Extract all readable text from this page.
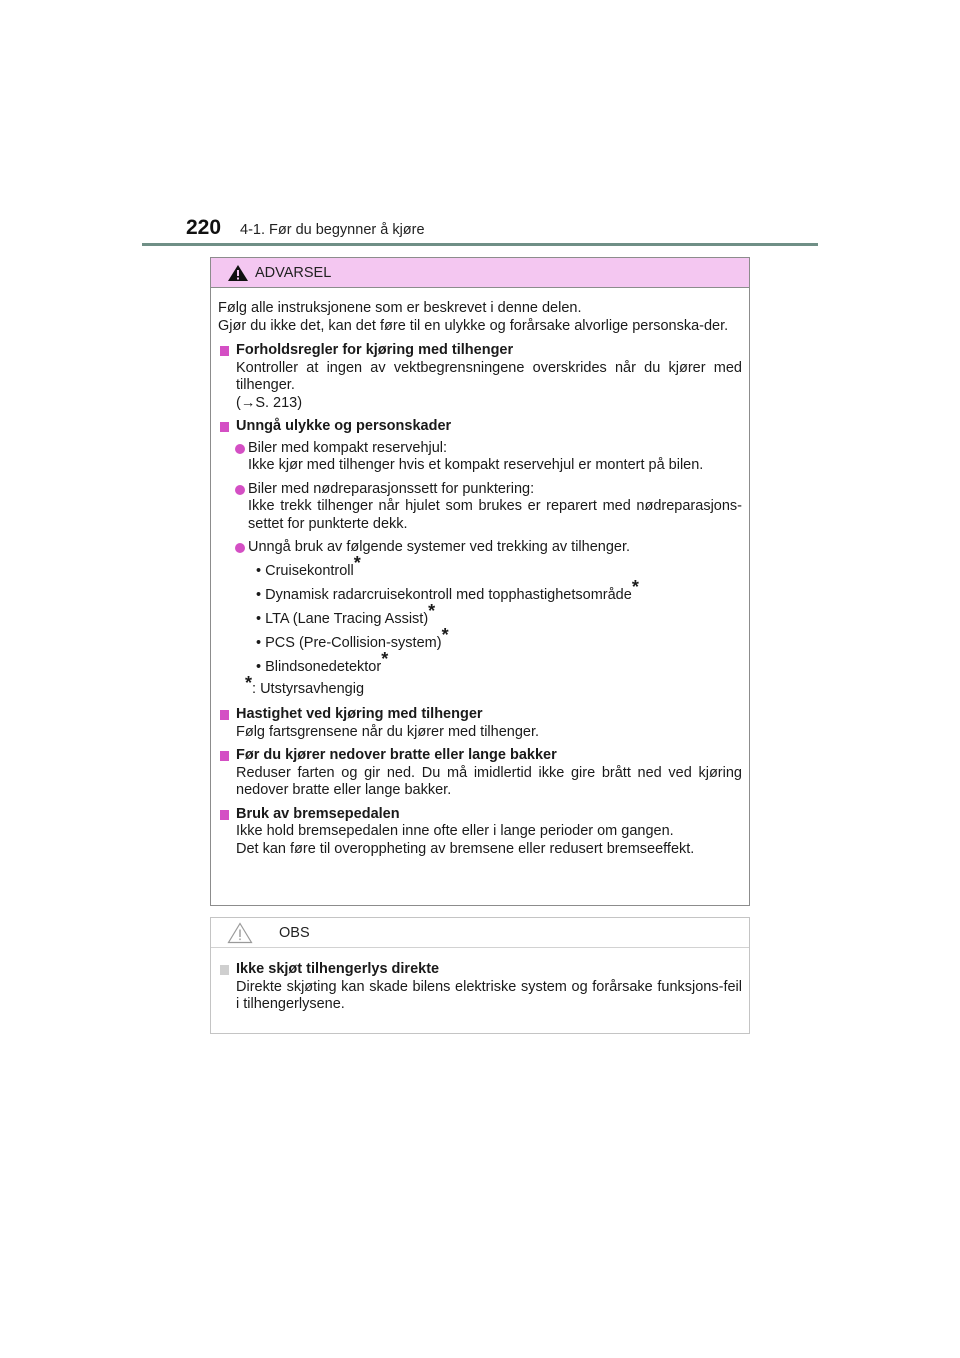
220 4-1. Før du begynner å kjøre
ADVARSEL

Følg alle instruksjonene som er beskrevet i denne delen.

Gjør du ikke det, kan det føre til en ulykke og forårsake alvorlige personska-der.

Forholdsregler for kjøring med tilhenger

Kontroller at ingen av vektbegrensningene overskrides når du kjører med tilhenger.

(→S. 213)

Unngå ulykke og personskader

Biler med kompakt reservehjul:

Ikke kjør med tilhenger hvis et kompakt reservehjul er montert på bilen.

Biler med nødreparasjonssett for punktering:

Ikke trekk tilhenger når hjulet som brukes er reparert med nødreparasjons-settet for punkterte dekk.

Unngå bruk av følgende systemer ved trekking av tilhenger.

• Cruisekontroll*
• Dynamisk radarcruisekontroll med topphastighetsområde*
• LTA (Lane Tracing Assist)*
• PCS (Pre-Collision-system)*
• Blindsonedetektor*
*: Utstyrsavhengig
Hastighet ved kjøring med tilhenger

Følg fartsgrensene når du kjører med tilhenger.

Før du kjører nedover bratte eller lange bakker

Reduser farten og gir ned. Du må imidlertid ikke gire brått ned ved kjøring nedover bratte eller lange bakker.

Bruk av bremsepedalen

Ikke hold bremsepedalen inne ofte eller i lange perioder om gangen.

Det kan føre til overoppheting av bremsene eller redusert bremseeffekt.

OBS
Ikke skjøt tilhengerlys direkte

Direkte skjøting kan skade bilens elektriske system og forårsake funksjons-feil i tilhengerlysene.
